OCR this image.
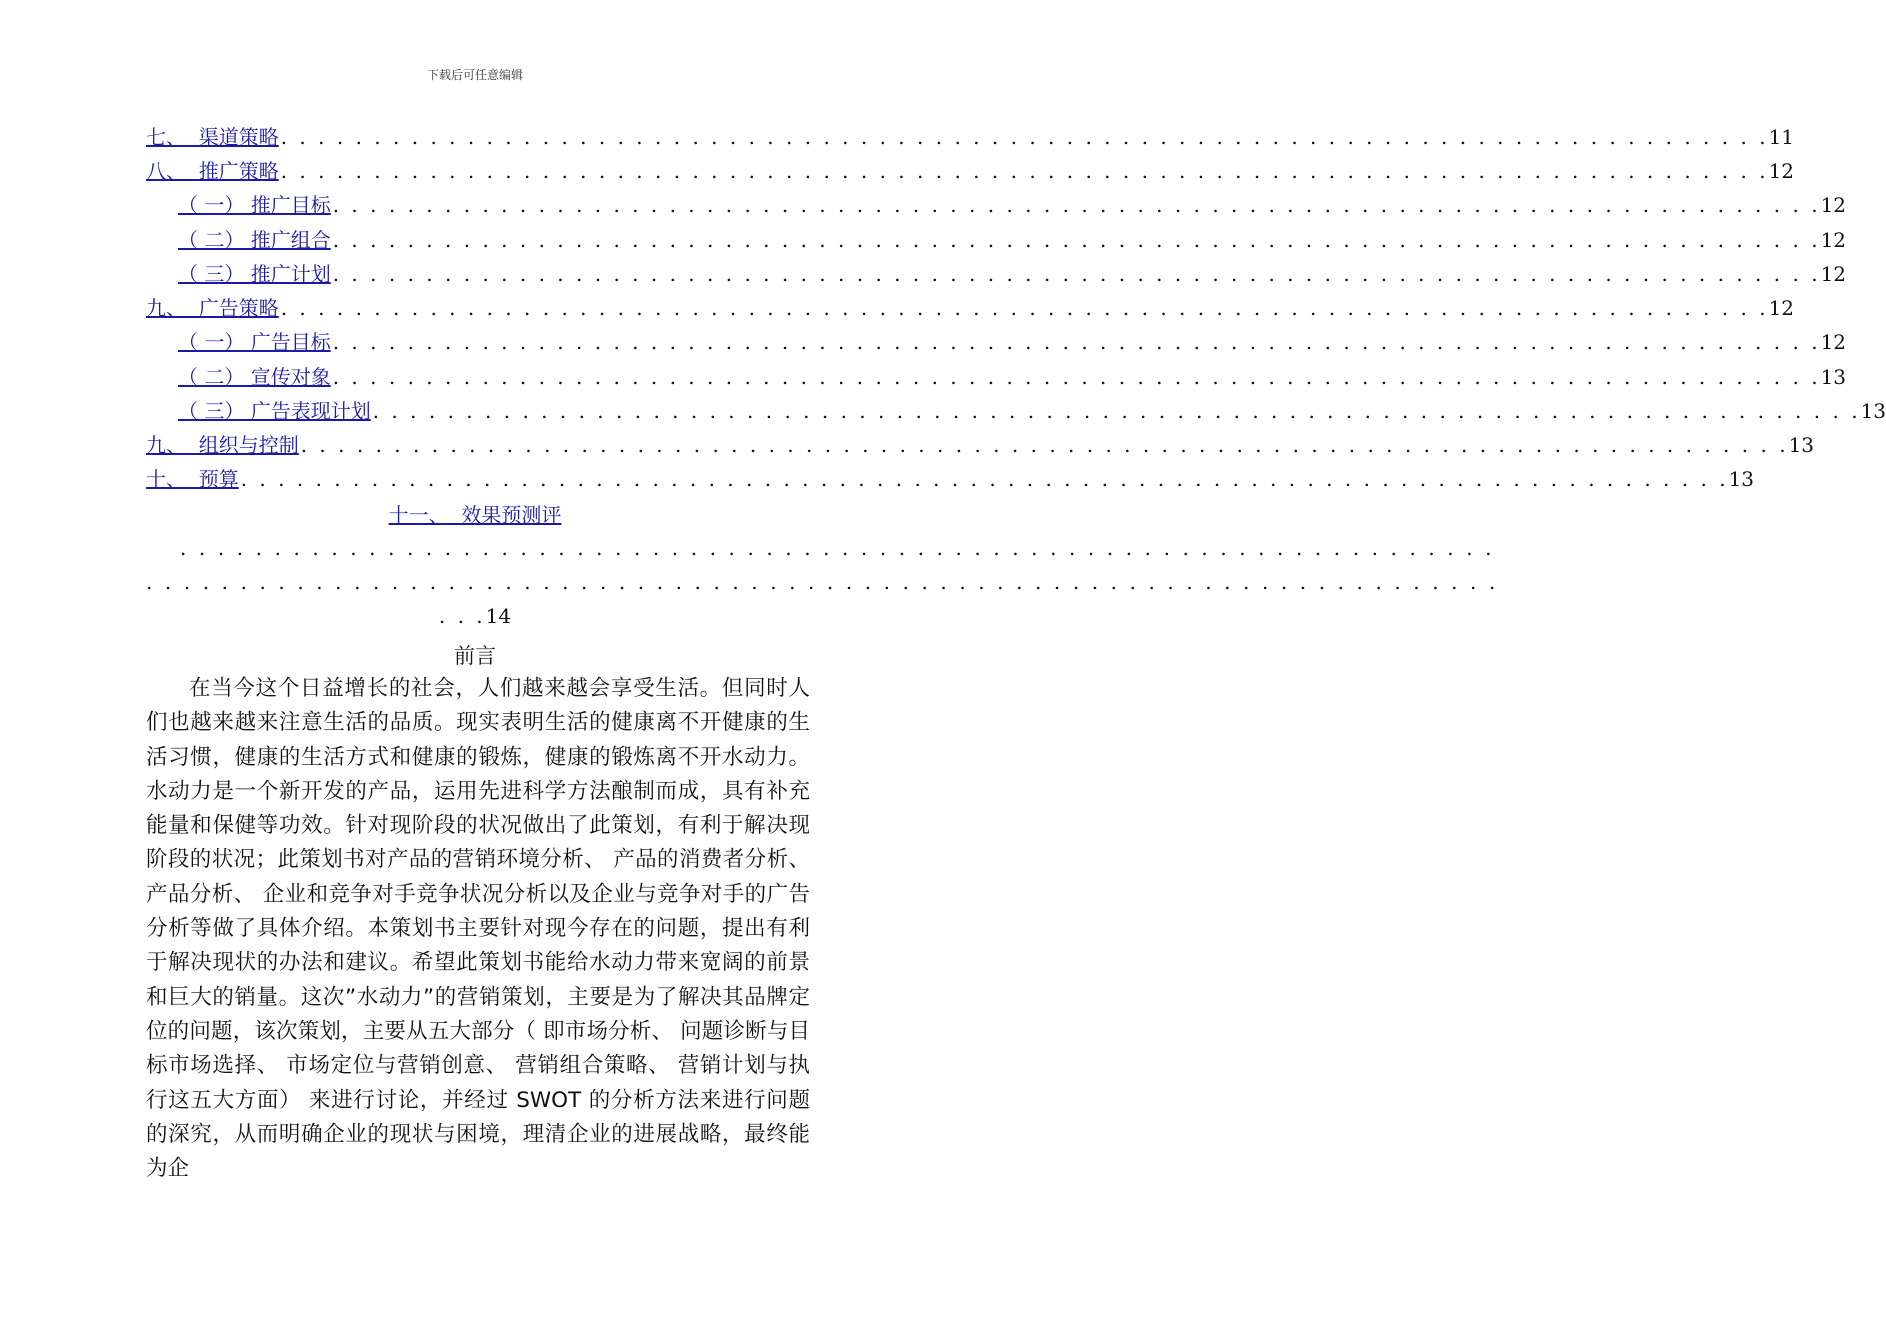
下载后可任意编辑
七、  渠道策略 . . . . . . . . . . . . . . . . . . . . . . . . . . . . . . . . . . . . . . . . . . . . . . . . . . . . . . . . . . . . . . . . . . . . . . . . . . . . . . . . 11
八、  推广策略 . . . . . . . . . . . . . . . . . . . . . . . . . . . . . . . . . . . . . . . . . . . . . . . . . . . . . . . . . . . . . . . . . . . . . . . . . . . . . . . . 12
（ 一） 推广目标 . . . . . . . . . . . . . . . . . . . . . . . . . . . . . . . . . . . . . . . . . . . . . . . . . . . . . . . . . . . . . . . . . . . . . . . . . . . . . . . . 12
（ 二） 推广组合 . . . . . . . . . . . . . . . . . . . . . . . . . . . . . . . . . . . . . . . . . . . . . . . . . . . . . . . . . . . . . . . . . . . . . . . . . . . . . . . . 12
（ 三） 推广计划 . . . . . . . . . . . . . . . . . . . . . . . . . . . . . . . . . . . . . . . . . . . . . . . . . . . . . . . . . . . . . . . . . . . . . . . . . . . . . . . . 12
九、  广告策略 . . . . . . . . . . . . . . . . . . . . . . . . . . . . . . . . . . . . . . . . . . . . . . . . . . . . . . . . . . . . . . . . . . . . . . . . . . . . . . . . 12
（ 一） 广告目标 . . . . . . . . . . . . . . . . . . . . . . . . . . . . . . . . . . . . . . . . . . . . . . . . . . . . . . . . . . . . . . . . . . . . . . . . . . . . . . . . 12
（ 二） 宣传对象 . . . . . . . . . . . . . . . . . . . . . . . . . . . . . . . . . . . . . . . . . . . . . . . . . . . . . . . . . . . . . . . . . . . . . . . . . . . . . . . . 13
（ 三） 广告表现计划 . . . . . . . . . . . . . . . . . . . . . . . . . . . . . . . . . . . . . . . . . . . . . . . . . . . . . . . . . . . . . . . . . . . . . . . . . . . . . . . . 13
九、  组织与控制 . . . . . . . . . . . . . . . . . . . . . . . . . . . . . . . . . . . . . . . . . . . . . . . . . . . . . . . . . . . . . . . . . . . . . . . . . . . . . . . . 13
十、  预算 . . . . . . . . . . . . . . . . . . . . . . . . . . . . . . . . . . . . . . . . . . . . . . . . . . . . . . . . . . . . . . . . . . . . . . . . . . . . . . . . 13
十一、  效果预测评
. . . . . . . . . . . . . . . . . . . . . . . . . . . . . . . . . . . . . . . . . . . . . . . . . . . . . . . . . . . . . . . . . . . . . .
. . . . . . . . . . . . . . . . . . . . . . . . . . . . . . . . . . . . . . . . . . . . . . . . . . . . . . . . . . . . . . . . . . . . . . . .
. . .14
前言

在当今这个日益增长的社会，人们越来越会享受生活。但同时人们也越来越来注意生活的品质。现实表明生活的健康离不开健康的生活习惯，健康的生活方式和健康的锻炼，健康的锻炼离不开水动力。水动力是一个新开发的产品，运用先进科学方法酿制而成，具有补充能量和保健等功效。针对现阶段的状况做出了此策划，有利于解决现阶段的状况；此策划书对产品的营销环境分析、 产品的消费者分析、 产品分析、 企业和竞争对手竞争状况分析以及企业与竞争对手的广告分析等做了具体介绍。本策划书主要针对现今存在的问题，提出有利于解决现状的办法和建议。希望此策划书能给水动力带来宽阔的前景和巨大的销量。这次”水动力”的营销策划，主要是为了解决其品牌定位的问题，该次策划，主要从五大部分（ 即市场分析、 问题诊断与目标市场选择、 市场定位与营销创意、 营销组合策略、 营销计划与执行这五大方面） 来进行讨论，并经过 SWOT 的分析方法来进行问题的深究，从而明确企业的现状与困境，理清企业的进展战略，最终能为企
